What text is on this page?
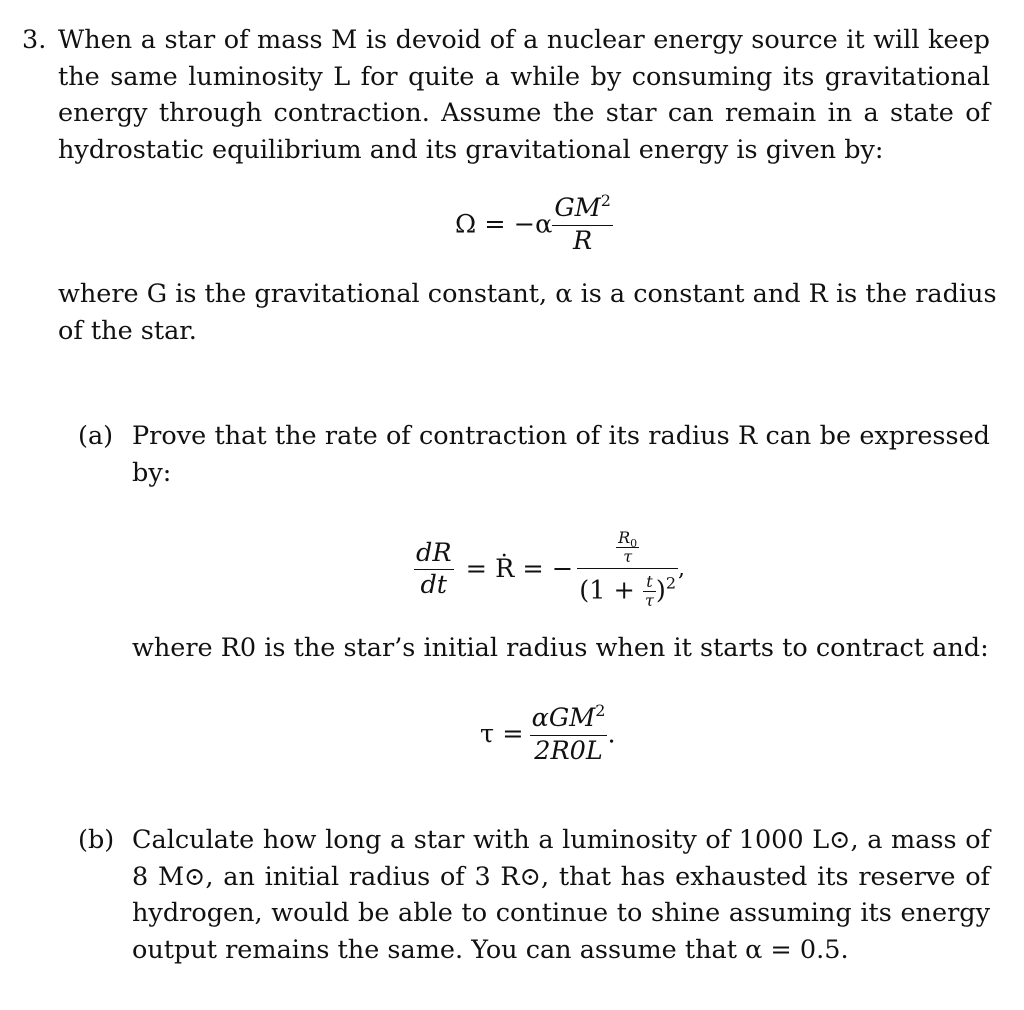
3. When a star of mass M is devoid of a nuclear energy source it will keep
the same luminosity L for quite a while by consuming its gravitational
energy through contraction. Assume the star can remain in a state of
hydrostatic equilibrium and its gravitational energy is given by:
$\Omega = -\alpha \frac{GM^2}{R}$
where G is the gravitational constant, α is a constant and R is the radius
of the star.
(a) Prove that the rate of contraction of its radius R can be expressed
by:
$\frac{dR}{dt}$ = Ṙ = − $\frac{\frac{R_0}{\tau}}{(1 + \frac{t}{\tau} )^2}$ ,
where R0 is the star’s initial radius when it starts to contract and:
$\tau = \frac{\alpha GM^2}{2R0L}$ .
(b) Calculate how long a star with a luminosity of 1000 L⊙, a mass of
8 M⊙, an initial radius of 3 R⊙, that has exhausted its reserve of
hydrogen, would be able to continue to shine assuming its energy
output remains the same. You can assume that α = 0.5.
